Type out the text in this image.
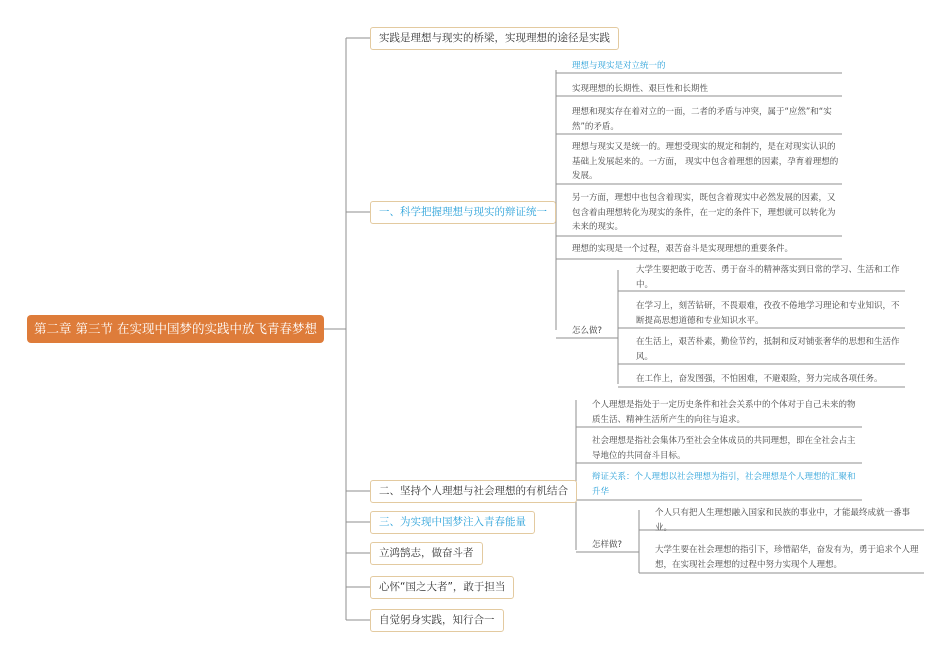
第二章 第三节 在实现中国梦的实践中放飞青春梦想
实践是理想与现实的桥梁，实现理想的途径是实践
一、科学把握理想与现实的辩证统一
二、坚持个人理想与社会理想的有机结合
三、为实现中国梦注入青春能量
立鸿鹄志，做奋斗者
心怀“国之大者”，敢于担当
自觉躬身实践，知行合一
理想与现实是对立统一的
实现理想的长期性、艰巨性和长期性
理想和现实存在着对立的一面，二者的矛盾与冲突，属于“应然”和“实然”的矛盾。
理想与现实又是统一的。理想受现实的规定和制约，是在对现实认识的基础上发展起来的。一方面， 现实中包含着理想的因素，孕育着理想的发展。
另一方面，理想中也包含着现实，既包含着现实中必然发展的因素，又包含着由理想转化为现实的条件，在一定的条件下，理想就可以转化为未来的现实。
理想的实现是一个过程，艰苦奋斗是实现理想的重要条件。
怎么做?
大学生要把敢于吃苦、勇于奋斗的精神落实到日常的学习、生活和工作中。
在学习上，刻苦钻研，不畏艰难，孜孜不倦地学习理论和专业知识，不断提高思想道德和专业知识水平。
在生活上，艰苦朴素，勤俭节约，抵制和反对铺张奢华的思想和生活作风。
在工作上，奋发图强，不怕困难，不避艰险，努力完成各项任务。
个人理想是指处于一定历史条件和社会关系中的个体对于自己未来的物质生活、精神生活所产生的向往与追求。
社会理想是指社会集体乃至社会全体成员的共同理想，即在全社会占主导地位的共同奋斗目标。
辩证关系：个人理想以社会理想为指引，社会理想是个人理想的汇聚和升华
怎样做?
个人只有把人生理想融入国家和民族的事业中，才能最终成就一番事业。
大学生要在社会理想的指引下，珍惜韶华，奋发有为，勇于追求个人理想，在实现社会理想的过程中努力实现个人理想。
